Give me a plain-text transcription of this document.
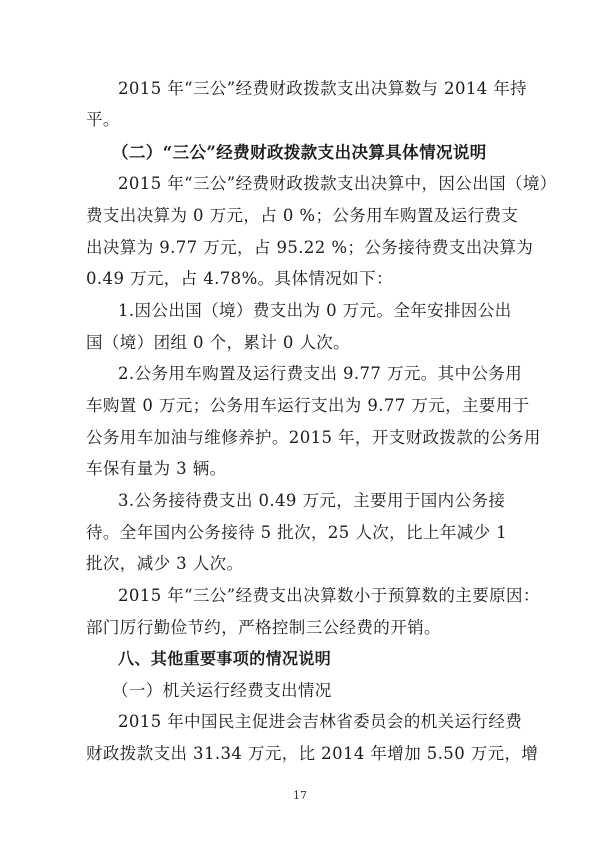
2015 年“三公”经费财政拨款支出决算数与 2014 年持
平。
（二）“三公”经费财政拨款支出决算具体情况说明
2015 年“三公”经费财政拨款支出决算中，因公出国（境）
费支出决算为 0 万元，占 0 %；公务用车购置及运行费支
出决算为 9.77 万元，占 95.22 %；公务接待费支出决算为
0.49 万元，占 4.78%。具体情况如下：
1.因公出国（境）费支出为 0 万元。全年安排因公出
国（境）团组 0 个，累计 0 人次。
2.公务用车购置及运行费支出 9.77 万元。其中公务用
车购置 0 万元；公务用车运行支出为 9.77 万元，主要用于
公务用车加油与维修养护。2015 年，开支财政拨款的公务用
车保有量为 3 辆。
3.公务接待费支出 0.49 万元，主要用于国内公务接
待。全年国内公务接待 5 批次，25 人次，比上年减少 1
批次，减少 3 人次。
2015 年“三公”经费支出决算数小于预算数的主要原因：
部门厉行勤俭节约，严格控制三公经费的开销。
八、其他重要事项的情况说明
（一）机关运行经费支出情况
2015 年中国民主促进会吉林省委员会的机关运行经费
财政拨款支出 31.34 万元，比 2014 年增加 5.50 万元，增
17
